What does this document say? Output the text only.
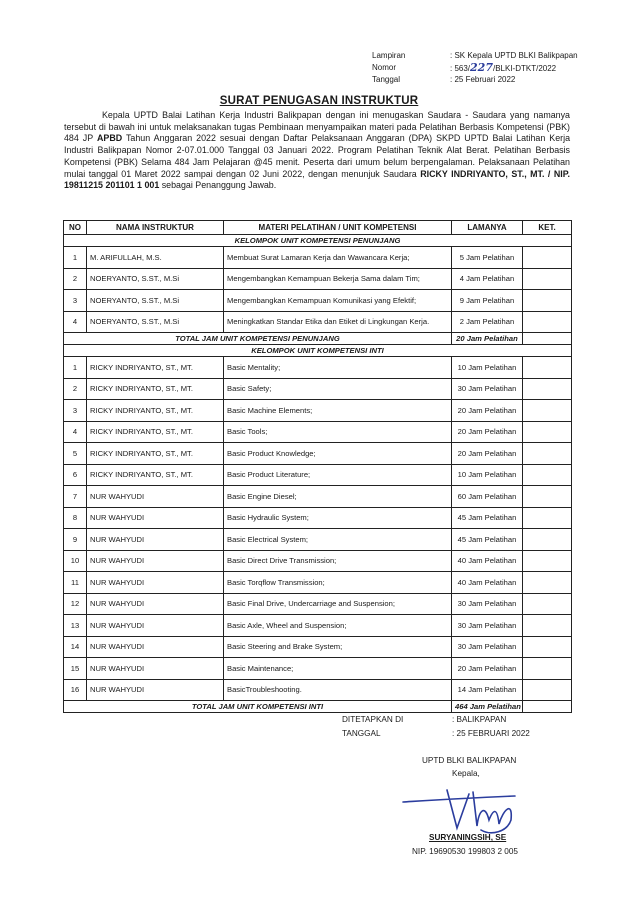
Lampiran	: SK Kepala UPTD BLKI Balikpapan
Nomor	: 563/227/BLKI-DTKT/2022
Tanggal	: 25 Februari 2022
SURAT PENUGASAN INSTRUKTUR
Kepala UPTD Balai Latihan Kerja Industri Balikpapan dengan ini menugaskan Saudara - Saudara yang namanya tersebut di bawah ini untuk melaksanakan tugas Pembinaan menyampaikan materi pada Pelatihan Berbasis Kompetensi (PBK) 484 JP APBD Tahun Anggaran 2022 sesuai dengan Daftar Pelaksanaan Anggaran (DPA) SKPD UPTD Balai Latihan Kerja Industri Balikpapan Nomor 2-07.01.000 Tanggal 03 Januari 2022. Program Pelatihan Teknik Alat Berat. Pelatihan Berbasis Kompetensi (PBK) Selama 484 Jam Pelajaran @45 menit. Peserta dari umum belum berpengalaman. Pelaksanaan Pelatihan mulai tanggal 01 Maret 2022 sampai dengan 02 Juni 2022, dengan menunjuk Saudara RICKY INDRIYANTO, ST., MT. / NIP. 19811215 201101 1 001 sebagai Penanggung Jawab.
NO	NAMA INSTRUKTUR	MATERI PELATIHAN / UNIT KOMPETENSI	LAMANYA	KET.
KELOMPOK UNIT KOMPETENSI PENUNJANG				
1	M. ARIFULLAH, M.S.	Membuat Surat Lamaran Kerja dan Wawancara Kerja;	5 Jam Pelatihan	
2	NOERYANTO, S.ST., M.Si	Mengembangkan Kemampuan Bekerja Sama dalam Tim;	4 Jam Pelatihan	
3	NOERYANTO, S.ST., M.Si	Mengembangkan Kemampuan Komunikasi yang Efektif;	9 Jam Pelatihan	
4	NOERYANTO, S.ST., M.Si	Meningkatkan Standar Etika dan Etiket di Lingkungan Kerja.	2 Jam Pelatihan	
TOTAL JAM UNIT KOMPETENSI PENUNJANG			20 Jam Pelatihan	
KELOMPOK UNIT KOMPETENSI INTI				
1	RICKY INDRIYANTO, ST., MT.	Basic Mentality;	10 Jam Pelatihan	
2	RICKY INDRIYANTO, ST., MT.	Basic Safety;	30 Jam Pelatihan	
3	RICKY INDRIYANTO, ST., MT.	Basic Machine Elements;	20 Jam Pelatihan	
4	RICKY INDRIYANTO, ST., MT.	Basic Tools;	20 Jam Pelatihan	
5	RICKY INDRIYANTO, ST., MT.	Basic Product Knowledge;	20 Jam Pelatihan	
6	RICKY INDRIYANTO, ST., MT.	Basic Product Literature;	10 Jam Pelatihan	
7	NUR WAHYUDI	Basic Engine Diesel;	60 Jam Pelatihan	
8	NUR WAHYUDI	Basic Hydraulic System;	45 Jam Pelatihan	
9	NUR WAHYUDI	Basic Electrical System;	45 Jam Pelatihan	
10	NUR WAHYUDI	Basic Direct Drive Transmission;	40 Jam Pelatihan	
11	NUR WAHYUDI	Basic Torqflow Transmission;	40 Jam Pelatihan	
12	NUR WAHYUDI	Basic Final Drive, Undercarriage and Suspension;	30 Jam Pelatihan	
13	NUR WAHYUDI	Basic Axle, Wheel and Suspension;	30 Jam Pelatihan	
14	NUR WAHYUDI	Basic Steering and Brake System;	30 Jam Pelatihan	
15	NUR WAHYUDI	Basic Maintenance;	20 Jam Pelatihan	
16	NUR WAHYUDI	BasicTroubleshooting.	14 Jam Pelatihan	
TOTAL JAM UNIT KOMPETENSI INTI			464 Jam Pelatihan	
DITETAPKAN DI	: BALIKPAPAN
TANGGAL	: 25 FEBRUARI 2022
UPTD BLKI BALIKPAPAN
Kepala,
SURYANINGSIH, SE
NIP. 19690530 199803 2 005
